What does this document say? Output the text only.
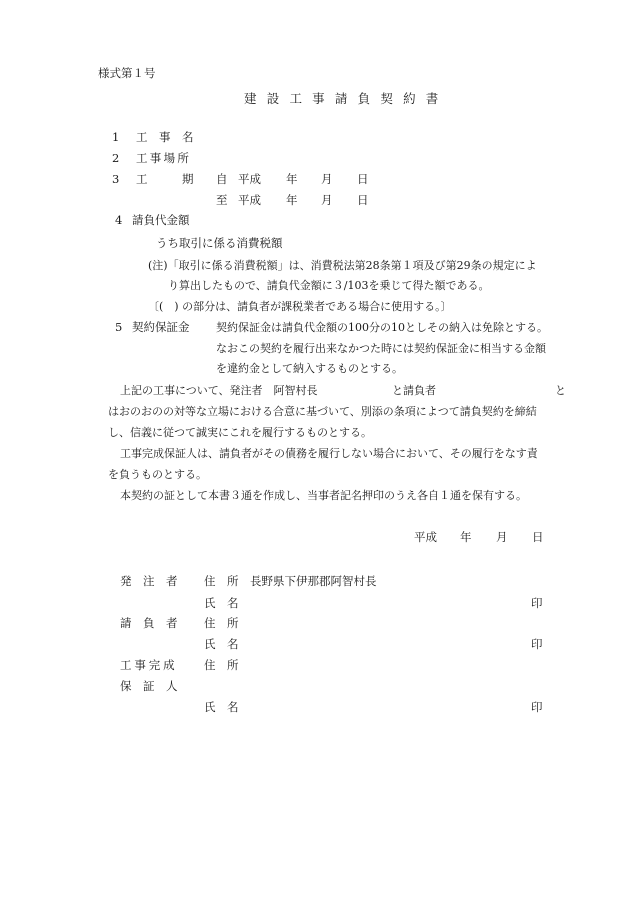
様式第１号
建 設 工 事 請 負 契 約 書
1 工　事　名
2 工事場所
3 工　　　期 自 平成 年 月 日
至 平成 年 月 日
4 請負代金額
うち取引に係る消費税額
(注)「取引に係る消費税額」は、消費税法第28条第１項及び第29条の規定によ
り算出したもので、請負代金額に３/103を乗じて得た額である。
〔(　) の部分は、請負者が課税業者である場合に使用する。〕
5 契約保証金 契約保証金は請負代金額の100分の10としその納入は免除とする。
なおこの契約を履行出来なかつた時には契約保証金に相当する金額
を違約金として納入するものとする。
上記の工事について、発注者　阿智村長	と請負者	と
はおのおのの対等な立場における合意に基づいて、別添の条項によつて請負契約を締結
し、信義に従つて誠実にこれを履行するものとする。
工事完成保証人は、請負者がその債務を履行しない場合において、その履行をなす責
を負うものとする。
本契約の証として本書３通を作成し、当事者記名押印のうえ各自１通を保有する。
平成 年 月 日
発　注　者 住　所 長野県下伊那郡阿智村長
氏　名	印
請　負　者 住　所
氏　名	印
工事完成 住　所
保　証　人
氏　名	印
